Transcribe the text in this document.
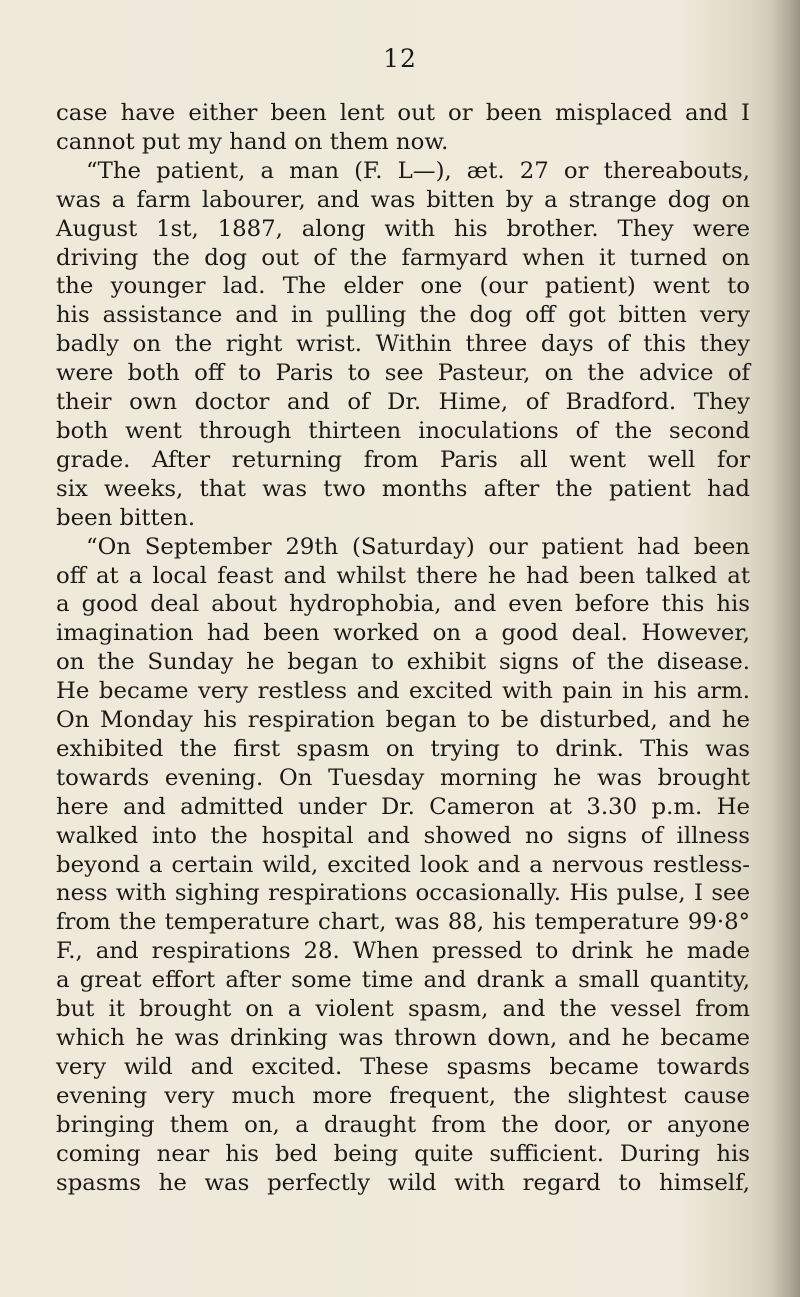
12
case have either been lent out or been misplaced and I
cannot put my hand on them now.
“The patient, a man (F. L—), æt. 27 or thereabouts,
was a farm labourer, and was bitten by a strange dog on
August 1st, 1887, along with his brother. They were
driving the dog out of the farmyard when it turned on
the younger lad. The elder one (our patient) went to
his assistance and in pulling the dog off got bitten very
badly on the right wrist. Within three days of this they
were both off to Paris to see Pasteur, on the advice of
their own doctor and of Dr. Hime, of Bradford. They
both went through thirteen inoculations of the second
grade. After returning from Paris all went well for
six weeks, that was two months after the patient had
been bitten.
“On September 29th (Saturday) our patient had been
off at a local feast and whilst there he had been talked at
a good deal about hydrophobia, and even before this his
imagination had been worked on a good deal. However,
on the Sunday he began to exhibit signs of the disease.
He became very restless and excited with pain in his arm.
On Monday his respiration began to be disturbed, and he
exhibited the first spasm on trying to drink. This was
towards evening. On Tuesday morning he was brought
here and admitted under Dr. Cameron at 3.30 p.m. He
walked into the hospital and showed no signs of illness
beyond a certain wild, excited look and a nervous restless-
ness with sighing respirations occasionally. His pulse, I see
from the temperature chart, was 88, his temperature 99·8°
F., and respirations 28. When pressed to drink he made
a great effort after some time and drank a small quantity,
but it brought on a violent spasm, and the vessel from
which he was drinking was thrown down, and he became
very wild and excited. These spasms became towards
evening very much more frequent, the slightest cause
bringing them on, a draught from the door, or anyone
coming near his bed being quite sufficient. During his
spasms he was perfectly wild with regard to himself,
